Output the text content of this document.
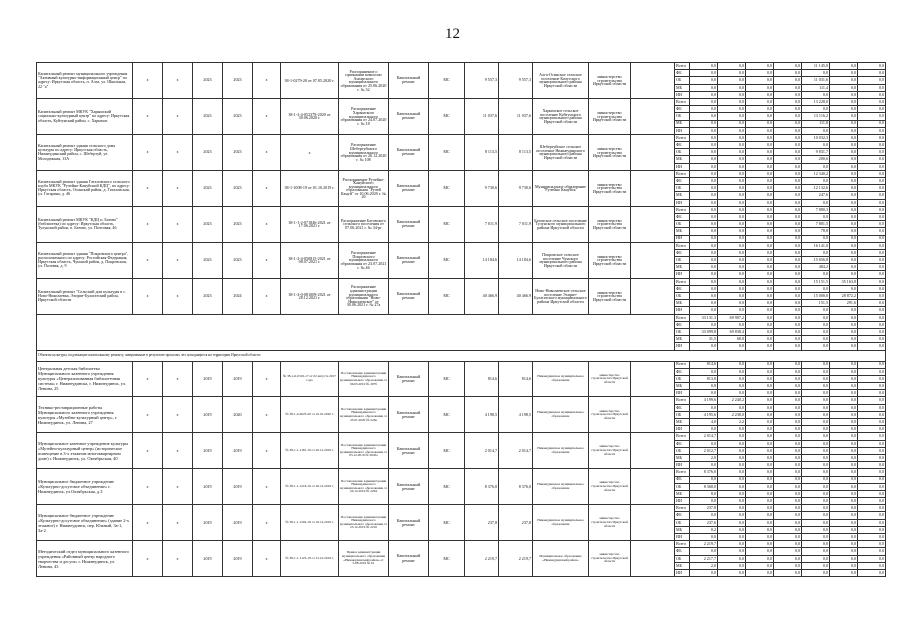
12
Капитальный ремонт муниципального учреждения "Активный культурно-информационный центр" по адресу: Иркутская область, п. Алга, ул. Школьная, 22 "а"	x	x	2023	2023	x	38-1-0279-20 от 07.05.2020 г.	Распоряжение о признании комиссии Ангарского муниципального образования от 25.06.2020 г. № 32	Капитальный ремонт	МС	9 557,3	9 557,3	Алга-Осинское сельское поселение Качугского муниципального района Иркутской области	министерство строительства Иркутской области		Всего	0,0	0,0	0,0	0,0	11 145,0	0,0	0,0
															ФБ	0,0	0,0	0,0	0,0	0,0	0,0	0,0
															ОБ	0,0	0,0	0,0	0,0	11 031,6	0,0	0,0
															МБ	0,0	0,0	0,0	0,0	111,4	0,0	0,0
															ИИ	0,0	0,0	0,0	0,0	0,0	0,0	0,0
Капитальный ремонт МКУК "Харымский социально-культурный центр" по адресу: Иркутская область, Куйтунский район, с. Харымск	x	x	2023	2023	x	38-1-2-4-052379-2020 от 30.06.2020 г.	Распоряжение Харымского муниципального образования от 24.07.2020 г. № 18	Капитальный ремонт	МС	11 037,6	11 037,6	Харымское сельское поселение Куйтунского муниципального района Иркутской области	министерство строительства Иркутской области		Всего	0,0	0,0	0,0	0,0	13 228,0	0,0	0,0
															ФБ	0,0	0,0	0,0	0,0	0,0	0,0	0,0
															ОБ	0,0	0,0	0,0	0,0	13 116,2	0,0	0,0
															МБ	0,0	0,0	0,0	0,0	111,8	0,0	0,0
															ИИ	0,0	0,0	0,0	0,0	0,0	0,0	0,0
Капитальный ремонт здания сельского дома культуры по адресу: Иркутская область, Нижнеудинский район, с. Шебертуй, ул. Молодежная, 13А	x	x	2023	2023	x	x	Распоряжение Шебертуйского муниципального образования от 26.12.2020 г. № 108	Капитальный ремонт	МС	8 113,5	8 113,5	Шебертуйское сельское поселение Нижнеудинского муниципального района Иркутской области	министерство строительства Иркутской области		Всего	0,0	0,0	0,0	0,0	10 032,3	0,0	0,0
															ФБ	0,0	0,0	0,0	0,0	0,0	0,0	0,0
															ОБ	0,0	0,0	0,0	0,0	9 831,7	0,0	0,0
															МБ	0,0	0,0	0,0	0,0	200,6	0,0	0,0
															ИИ	0,0	0,0	0,0	0,0	0,0	0,0	0,0
Капитальный ремонт здания Гаталовского сельского клуба МКУК "Ручейно-Кануйский КДЦ", по адресу: Иркутская область, Осинский район, д. Гаталовская, ул. Гагарина, д. 46	x	x	2023	2023	x	38-1-1008-19 от 01.10.2019 г.	Распоряжение Ручейно-Кануйского муниципального образования "Ручей Кануй" от 10.06.2020 г. № 26	Капитальный ремонт	МС	9 730,6	9 730,6	Муниципальное образование "Ручейно Кануйск"	министерство строительства Иркутской области		Всего	0,0	0,0	0,0	0,0	12 340,2	0,0	0,0
															ФБ	0,0	0,0	0,0	0,0	0,0	0,0	0,0
															ОБ	0,0	0,0	0,0	0,0	12 132,6	0,0	0,0
															МБ	0,0	0,0	0,0	0,0	247,6	0,0	0,0
															ИИ	0,0	0,0	0,0	0,0	0,0	0,0	0,0
Капитальный ремонт МКУК "КДЦ п. Батово" (библиотека) по адресу: Иркутская область, Тулунский район, п. Батово, ул. Почтовая, 46	x	x	2023	2023	x	38-1-1-2-071846-2021 от 17.06.2021 г.	Распоряжение Батовского сельского поселения от 07.06.2021 г. № 34-рг	Капитальный ремонт	МС	7 011,9	7 011,9	Батовское сельское поселение Тулунского муниципального района Иркутской области	министерство строительства Иркутской области		Всего	0,0	0,0	0,0	0,0	7 880,3	0,0	0,0
															ФБ	0,0	0,0	0,0	0,0	0,0	0,0	0,0
															ОБ	0,0	0,0	0,0	0,0	7 801,5	0,0	0,0
															МБ	0,0	0,0	0,0	0,0	78,8	0,0	0,0
															ИИ	0,0	0,0	0,0	0,0	0,0	0,0	0,0
Капитальный ремонт здания "Покровского центра", расположенного по адресу: Российская Федерация, Иркутская область, Чунский район, д. Покровская, ул. Полевая, д. 9	x	x	2023	2023	x	38-1-2-4-050815-2021 от 08.07.2021 г.	Распоряжение Покровского муниципального образования от 23.07.2021 г. № 46	Капитальный ремонт	МС	14 184,6	14 184,6	Покровское сельское поселение Чунского муниципального района Иркутской области	министерство строительства Иркутской области		Всего	0,0	0,0	0,0	0,0	16 141,0	0,0	0,0
															ФБ	0,0	0,0	0,0	0,0	0,0	0,0	0,0
															ОБ	0,0	0,0	0,0	0,0	15 656,8	0,0	0,0
															МБ	0,0	0,0	0,0	0,0	484,2	0,0	0,0
															ИИ	0,0	0,0	0,0	0,0	0,0	0,0	0,0
Капитальный ремонт "Сельский дом культуры в с. Ново-Николаевка, Эхирит-Булагатский район, Иркутской области	x	x	2023	2024	x	38-1-2-0-081009-2021 от 28.12.2021 г.	Распоряжение администрации муниципального образования "Ново-Николаевское" от 30.06.2021 г. № 27а	Капитальный ремонт	МС	40 466,9	40 466,9	Ново-Николаевское сельское поселение Эхирит-Булагатского муниципального района Иркутской области	министерство строительства Иркутской области		Всего	0,0	0,0	0,0	0,0	15 151,5	35 163,8	0,0
															ФБ	0,0	0,0	0,0	0,0	0,0	0,0	0,0
															ОБ	0,0	0,0	0,0	0,0	15 000,0	28 872,2	0,0
															МБ	0,0	0,0	0,0	0,0	151,5	291,6	0,0
															ИИ	0,0	0,0	0,0	0,0	0,0	0,0	0,0
															Всего	33 131,3	69 907,2	0,0	0,0	0,0	0,0	0,0
															ФБ	0,0	0,0	0,0	0,0	0,0	0,0	0,0
															ОБ	33 099,8	69 838,4	0,0	0,0	0,0	0,0	0,0
															МБ	31,5	68,8	0,0	0,0	0,0	0,0	0,0
															ИИ	0,0	0,0	0,0	0,0	0,0	0,0	0,0
Объекты культуры, подлежащие капитальному ремонту, завершенные в результате прошлых лет, находящиеся на территории Иркутской области																						
Центральная детская библиотека Муниципального казенного учреждения культуры «Централизованная библиотечная система» г. Нижнеудинска, г. Нижнеудинск, ул. Ленина, 25	x	x	2019	2019	x	№ 38-1-6-0316-17 от 02 августа 2017 года	Постановление администрации Нижнеудинского муниципального образования от 06.03.2019 № 297б	Капитальный ремонт	МС	814,6	814,6	Нижнеудинское муниципальное образование	министерство строительства Иркутской области		Всего	814,6	0,0	0,0	0,0	0,0	0,0	0,0
															ФБ	0,0	0,0	0,0	0,0	0,0	0,0	0,0
															ОБ	813,8	0,0	0,0	0,0	0,0	0,0	0,0
															МБ	0,8	0,0	0,0	0,0	0,0	0,0	0,0
															ИИ	0,0	0,0	0,0	0,0	0,0	0,0	0,0
Технико-реставрационные работы Муниципального казенного учреждения культуры «Музейно-культурный центр», г. Нижнеудинск, ул. Ленина, 27	x	x	2019	2020	x	№ 38-1-4-0023-20 от 22.01.2020 г.	Постановление администрации Нижнеудинского муниципального образования от 25.01.2020 № 226а	Капитальный ремонт	МС	4 198,5	4 198,5	Нижнеудинское муниципальное образование	министерство строительства Иркутской области		Всего	4 199,6	2 240,2	0,0	0,0	0,0	0,0	0,0
															ФБ	0,0	0,0	0,0	0,0	0,0	0,0	0,0
															ОБ	4 195,6	2 238,0	0,0	0,0	0,0	0,0	0,0
															МБ	4,0	2,2	0,0	0,0	0,0	0,0	0,0
															ИИ	0,0	0,0	0,0	0,0	0,0	0,0	0,0
Муниципальное казенное учреждение культуры «Музейно-культурный центр» (историческое помещение в 3-х этажном многоквартирном доме) г. Нижнеудинск, ул. Октябрьская, 40	x	x	2019	2019	x	№ 38-1-1-1181-19 от 20.12.2019 г.	Постановление администрации Нижнеудинского муниципального образования от 05.12.2019 № 2045а	Капитальный ремонт	МС	2 014,7	2 014,7	Нижнеудинское муниципальное образование	министерство строительства Иркутской области		Всего	2 014,7	0,0	0,0	0,0	0,0	0,0	0,0
															ФБ	0,0	0,0	0,0	0,0	0,0	0,0	0,0
															ОБ	2 012,7	0,0	0,0	0,0	0,0	0,0	0,0
															МБ	2,0	0,0	0,0	0,0	0,0	0,0	0,0
															ИИ	0,0	0,0	0,0	0,0	0,0	0,0	0,0
Муниципальное бюджетное учреждение «Культурно-досуговое объединение» г. Нижнеудинск, ул.Октябрьская, д.3	x	x	2019	2019	x	№ 38-1-1-1216-19 от 20.12.2019 г.	Постановление администрации Нижнеудинского муниципального образования от 20.12.2019 № 2264	Капитальный ремонт	МС	8 376,0	8 376,0	Нижнеудинское муниципальное образование	министерство строительства Иркутской области		Всего	8 376,0	0,0	0,0	0,0	0,0	0,0	0,0
															ФБ	0,0	0,0	0,0	0,0	0,0	0,0	0,0
															ОБ	8 368,0	0,0	0,0	0,0	0,0	0,0	0,0
															МБ	8,0	0,0	0,0	0,0	0,0	0,0	0,0
															ИИ	0,0	0,0	0,0	0,0	0,0	0,0	0,0
Муниципальное бюджетное учреждение «Культурно-досуговое объединение» (здание 2-х этажное) г. Нижнеудинск, пер. Южный, 3а-1, 3а-2	x	x	2019	2019	x	№ 38-1-1-1202-19 от 16.12.2019 г.	Постановление администрации Нижнеудинского муниципального образования от 23.12.2019 № 2216	Капитальный ремонт	МС	237,8	237,8	Нижнеудинское муниципальное образование	министерство строительства Иркутской области		Всего	237,8	0,0	0,0	0,0	0,0	0,0	0,0
															ФБ	0,0	0,0	0,0	0,0	0,0	0,0	0,0
															ОБ	237,6	0,0	0,0	0,0	0,0	0,0	0,0
															МБ	0,2	0,0	0,0	0,0	0,0	0,0	0,0
															ИИ	0,0	0,0	0,0	0,0	0,0	0,0	0,0
Методический отдел муниципального казенного учреждения «Районный центр народного творчества и досуга» г. Нижнеудинск, ул. Ленина, 43	x	x	2019	2019	x	№ 38-1-1-1123-19 от 31.10.2019 г.	Приказ администрации муниципального образования «Нижнеудинский район» от 5.08.2019 № 61	Капитальный ремонт	МС	2 219,7	2 219,7	Муниципальное образование «Нижнеудинский район»	министерство строительства Иркутской области		Всего	2 219,7	0,0	0,0	0,0	0,0	0,0	0,0
															ФБ	0,0	0,0	0,0	0,0	0,0	0,0	0,0
															ОБ	2 217,7	0,0	0,0	0,0	0,0	0,0	0,0
															МБ	2,0	0,0	0,0	0,0	0,0	0,0	0,0
															ИИ	0,0	0,0	0,0	0,0	0,0	0,0	0,0
